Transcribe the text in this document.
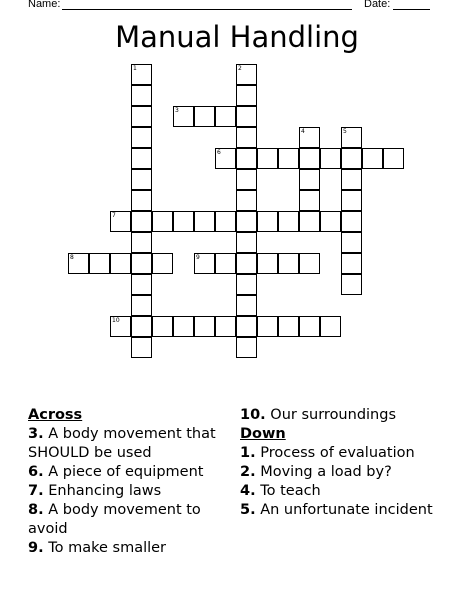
Name:	Date:
Manual Handling
1	2
3
4	5
6
7
8	9
10
Across
3. A body movement that SHOULD be used
6. A piece of equipment
7. Enhancing laws
8. A body movement to avoid
9. To make smaller
10. Our surroundings
Down
1. Process of evaluation
2. Moving a load by?
4. To teach
5. An unfortunate incident
